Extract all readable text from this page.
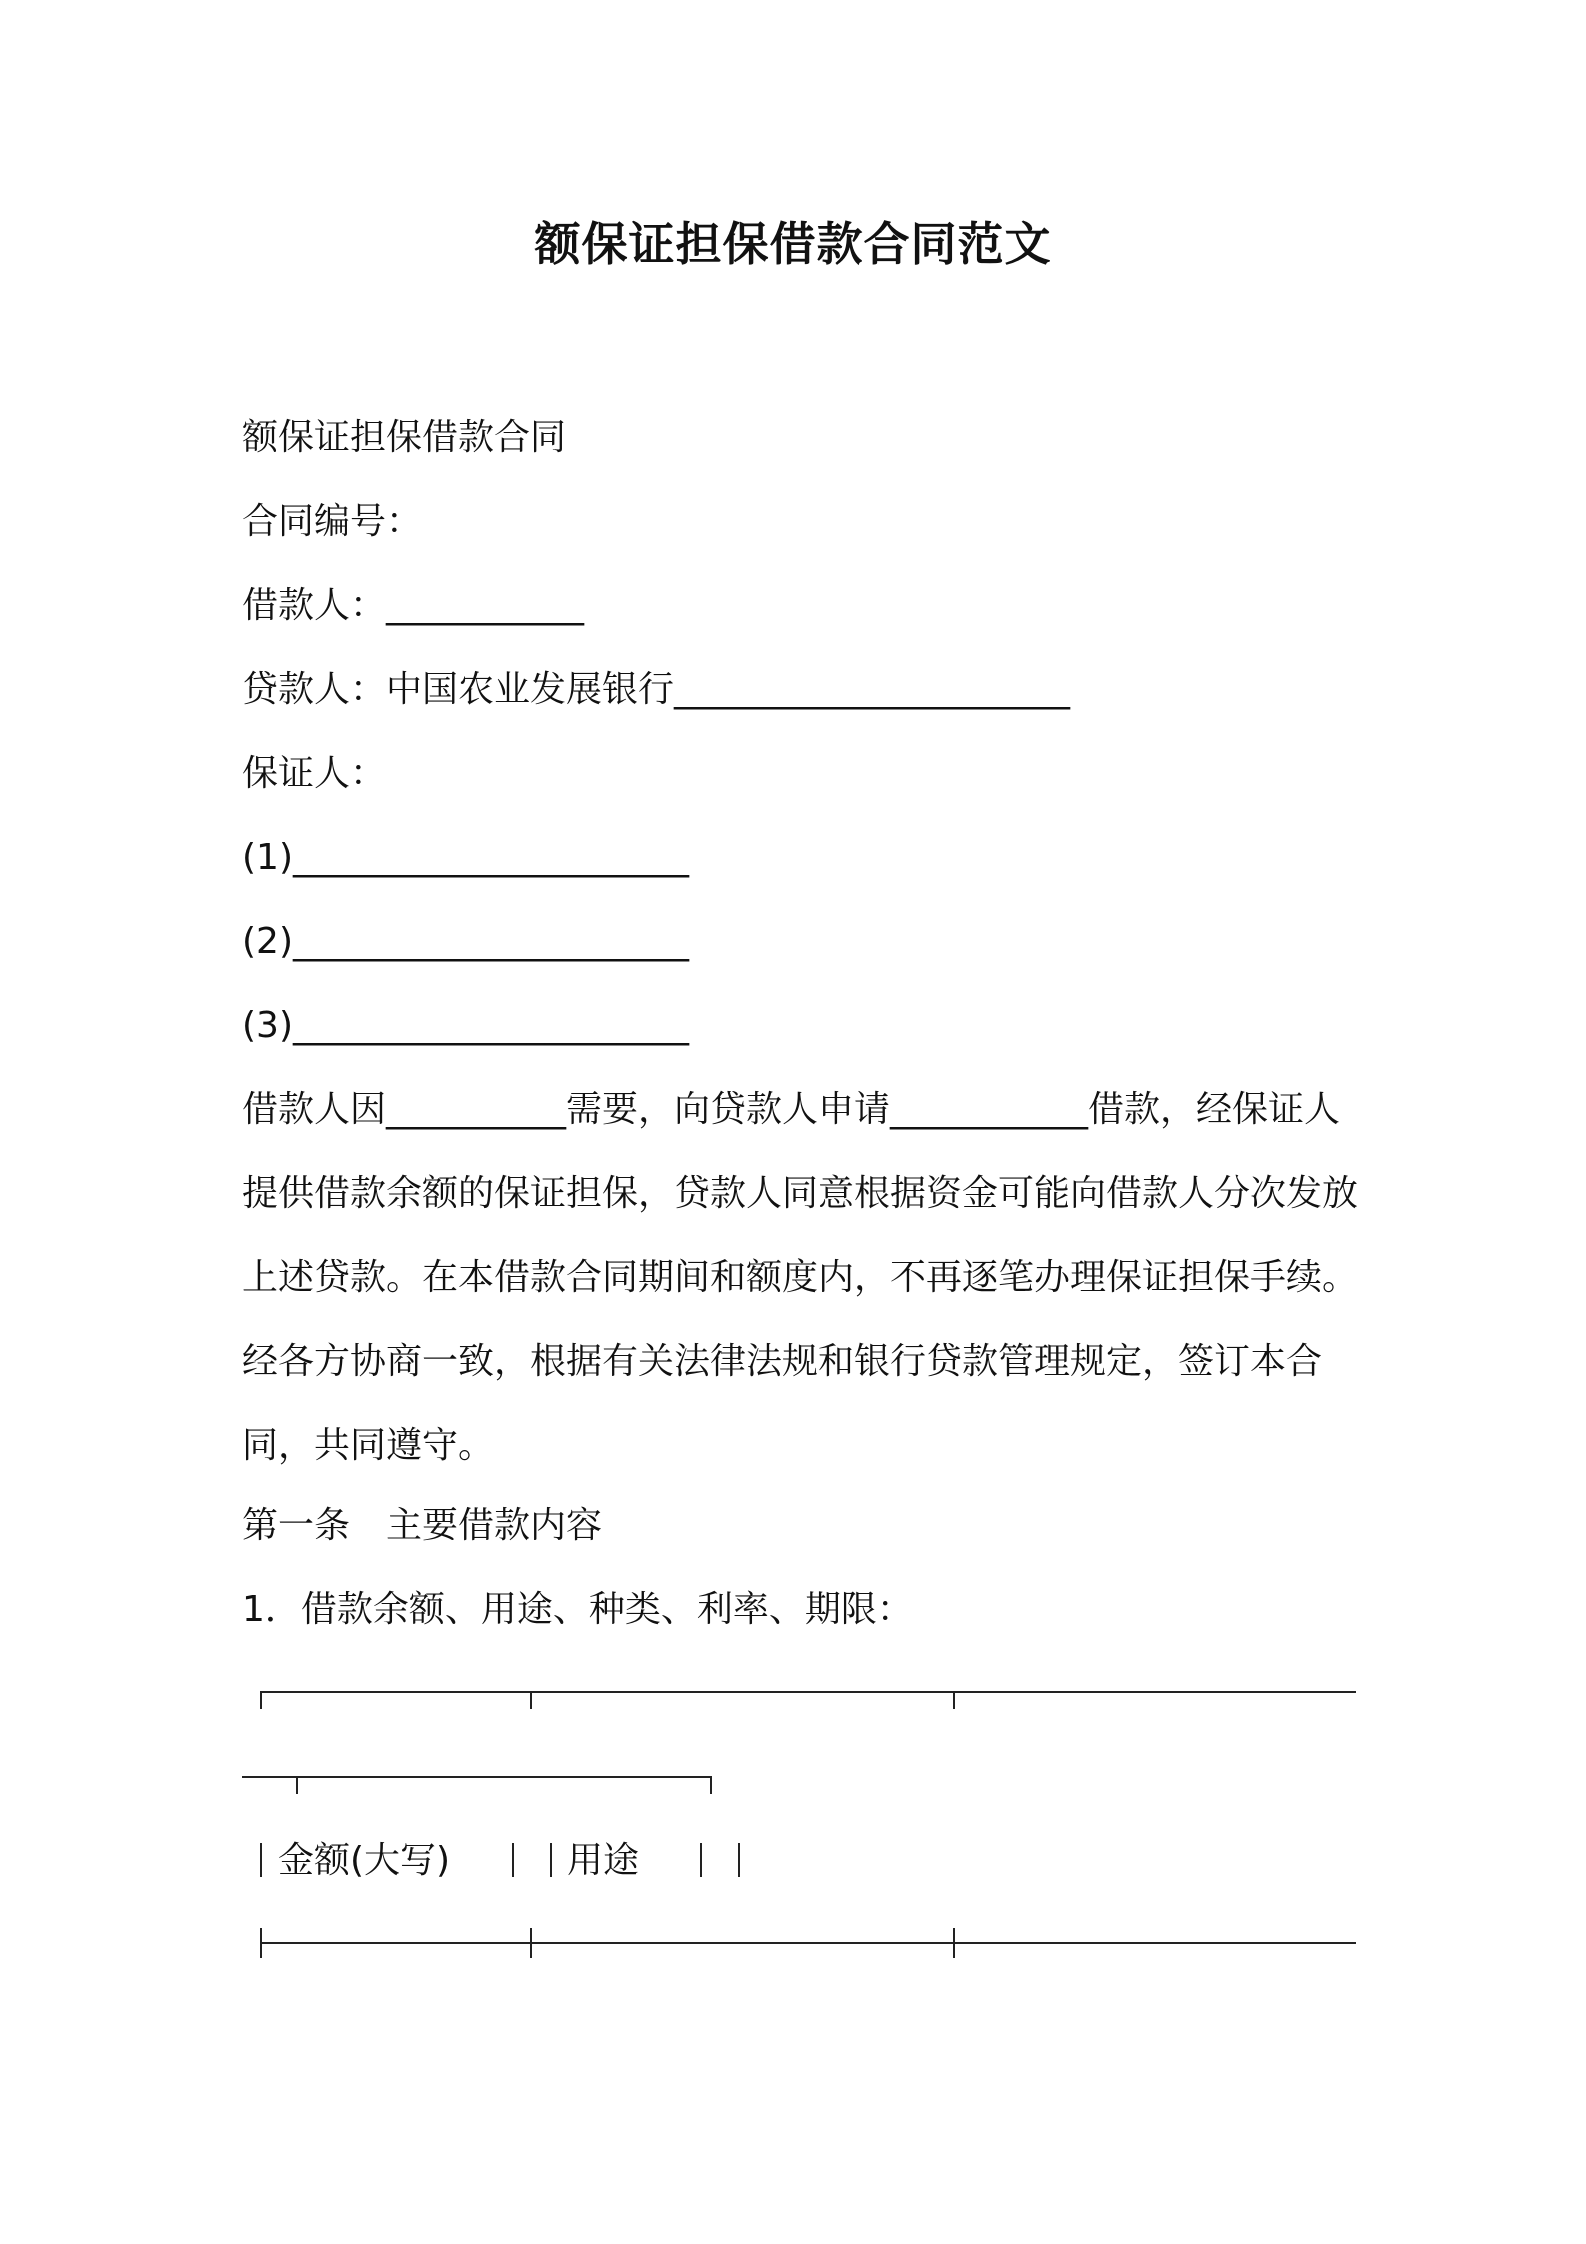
额保证担保借款合同范文
额保证担保借款合同
合同编号：
借款人：___________
贷款人：中国农业发展银行______________________
保证人：
(1)______________________
(2)______________________
(3)______________________
借款人因__________需要，向贷款人申请___________借款，经保证人提供借款余额的保证担保，贷款人同意根据资金可能向借款人分次发放上述贷款。在本借款合同期间和额度内，不再逐笔办理保证担保手续。经各方协商一致，根据有关法律法规和银行贷款管理规定，签订本合同，共同遵守。
第一条　主要借款内容
1．借款余额、用途、种类、利率、期限：
金额(大写)	用途
